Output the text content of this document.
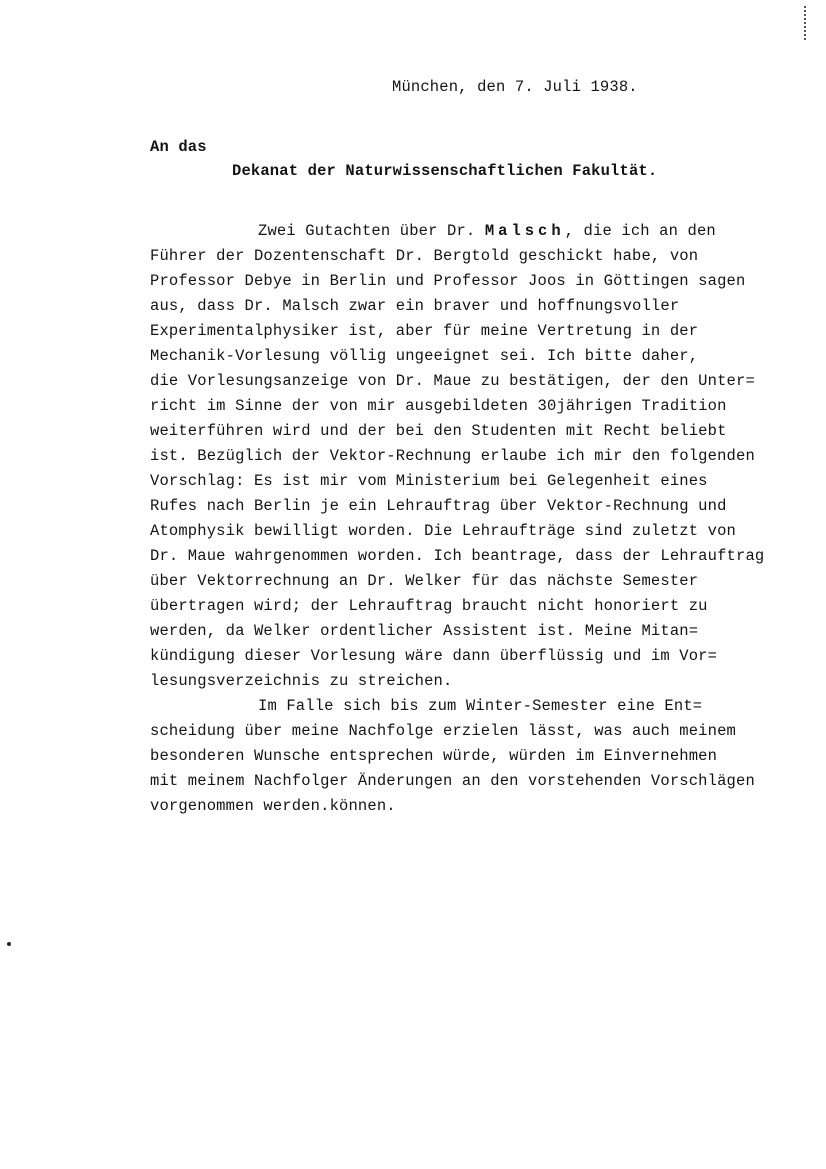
München, den 7. Juli 1938.
An das
Dekanat der Naturwissenschaftlichen Fakultät.
Zwei Gutachten über Dr. Malsch, die ich an den
Führer der Dozentenschaft Dr. Bergtold geschickt habe, von
Professor Debye in Berlin und Professor Joos in Göttingen sagen
aus, dass Dr. Malsch zwar ein braver und hoffnungsvoller
Experimentalphysiker ist, aber für meine Vertretung in der
Mechanik-Vorlesung völlig ungeeignet sei. Ich bitte daher,
die Vorlesungsanzeige von Dr. Maue zu bestätigen, der den Unter=
richt im Sinne der von mir ausgebildeten 30jährigen Tradition
weiterführen wird und der bei den Studenten mit Recht beliebt
ist. Bezüglich der Vektor-Rechnung erlaube ich mir den folgenden
Vorschlag: Es ist mir vom Ministerium bei Gelegenheit eines
Rufes nach Berlin je ein Lehrauftrag über Vektor-Rechnung und
Atomphysik bewilligt worden. Die Lehraufträge sind zuletzt von
Dr. Maue wahrgenommen worden. Ich beantrage, dass der Lehrauftrag
über Vektorrechnung an Dr. Welker für das nächste Semester
übertragen wird; der Lehrauftrag braucht nicht honoriert zu
werden, da Welker ordentlicher Assistent ist. Meine Mitan=
kündigung dieser Vorlesung wäre dann überflüssig und im Vor=
lesungsverzeichnis zu streichen.
Im Falle sich bis zum Winter-Semester eine Ent=
scheidung über meine Nachfolge erzielen lässt, was auch meinem
besonderen Wunsche entsprechen würde, würden im Einvernehmen
mit meinem Nachfolger Änderungen an den vorstehenden Vorschlägen
vorgenommen werden.können.
